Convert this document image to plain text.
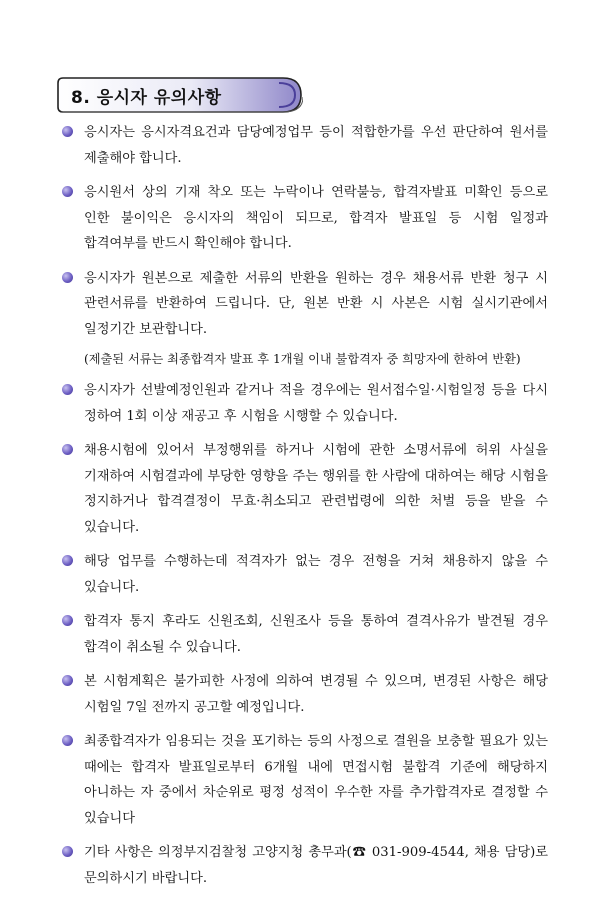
8. 응시자 유의사항
응시자는 응시자격요건과 담당예정업무 등이 적합한가를 우선 판단하여 원서를 제출해야 합니다.
응시원서 상의 기재 착오 또는 누락이나 연락불능, 합격자발표 미확인 등으로 인한 불이익은 응시자의 책임이 되므로, 합격자 발표일 등 시험 일정과 합격여부를 반드시 확인해야 합니다.
응시자가 원본으로 제출한 서류의 반환을 원하는 경우 채용서류 반환 청구 시 관련서류를 반환하여 드립니다. 단, 원본 반환 시 사본은 시험 실시기관에서 일정기간 보관합니다.
(제출된 서류는 최종합격자 발표 후 1개월 이내 불합격자 중 희망자에 한하여 반환)
응시자가 선발예정인원과 같거나 적을 경우에는 원서접수일·시험일정 등을 다시 정하여 1회 이상 재공고 후 시험을 시행할 수 있습니다.
채용시험에 있어서 부정행위를 하거나 시험에 관한 소명서류에 허위 사실을 기재하여 시험결과에 부당한 영향을 주는 행위를 한 사람에 대하여는 해당 시험을 정지하거나 합격결정이 무효·취소되고 관련법령에 의한 처벌 등을 받을 수 있습니다.
해당 업무를 수행하는데 적격자가 없는 경우 전형을 거쳐 채용하지 않을 수 있습니다.
합격자 통지 후라도 신원조회, 신원조사 등을 통하여 결격사유가 발견될 경우 합격이 취소될 수 있습니다.
본 시험계획은 불가피한 사정에 의하여 변경될 수 있으며, 변경된 사항은 해당 시험일 7일 전까지 공고할 예정입니다.
최종합격자가 임용되는 것을 포기하는 등의 사정으로 결원을 보충할 필요가 있는 때에는 합격자 발표일로부터 6개월 내에 면접시험 불합격 기준에 해당하지 아니하는 자 중에서 차순위로 평정 성적이 우수한 자를 추가합격자로 결정할 수 있습니다
기타 사항은 의정부지검찰청 고양지청 총무과(☎ 031-909-4544, 채용 담당)로 문의하시기 바랍니다.
